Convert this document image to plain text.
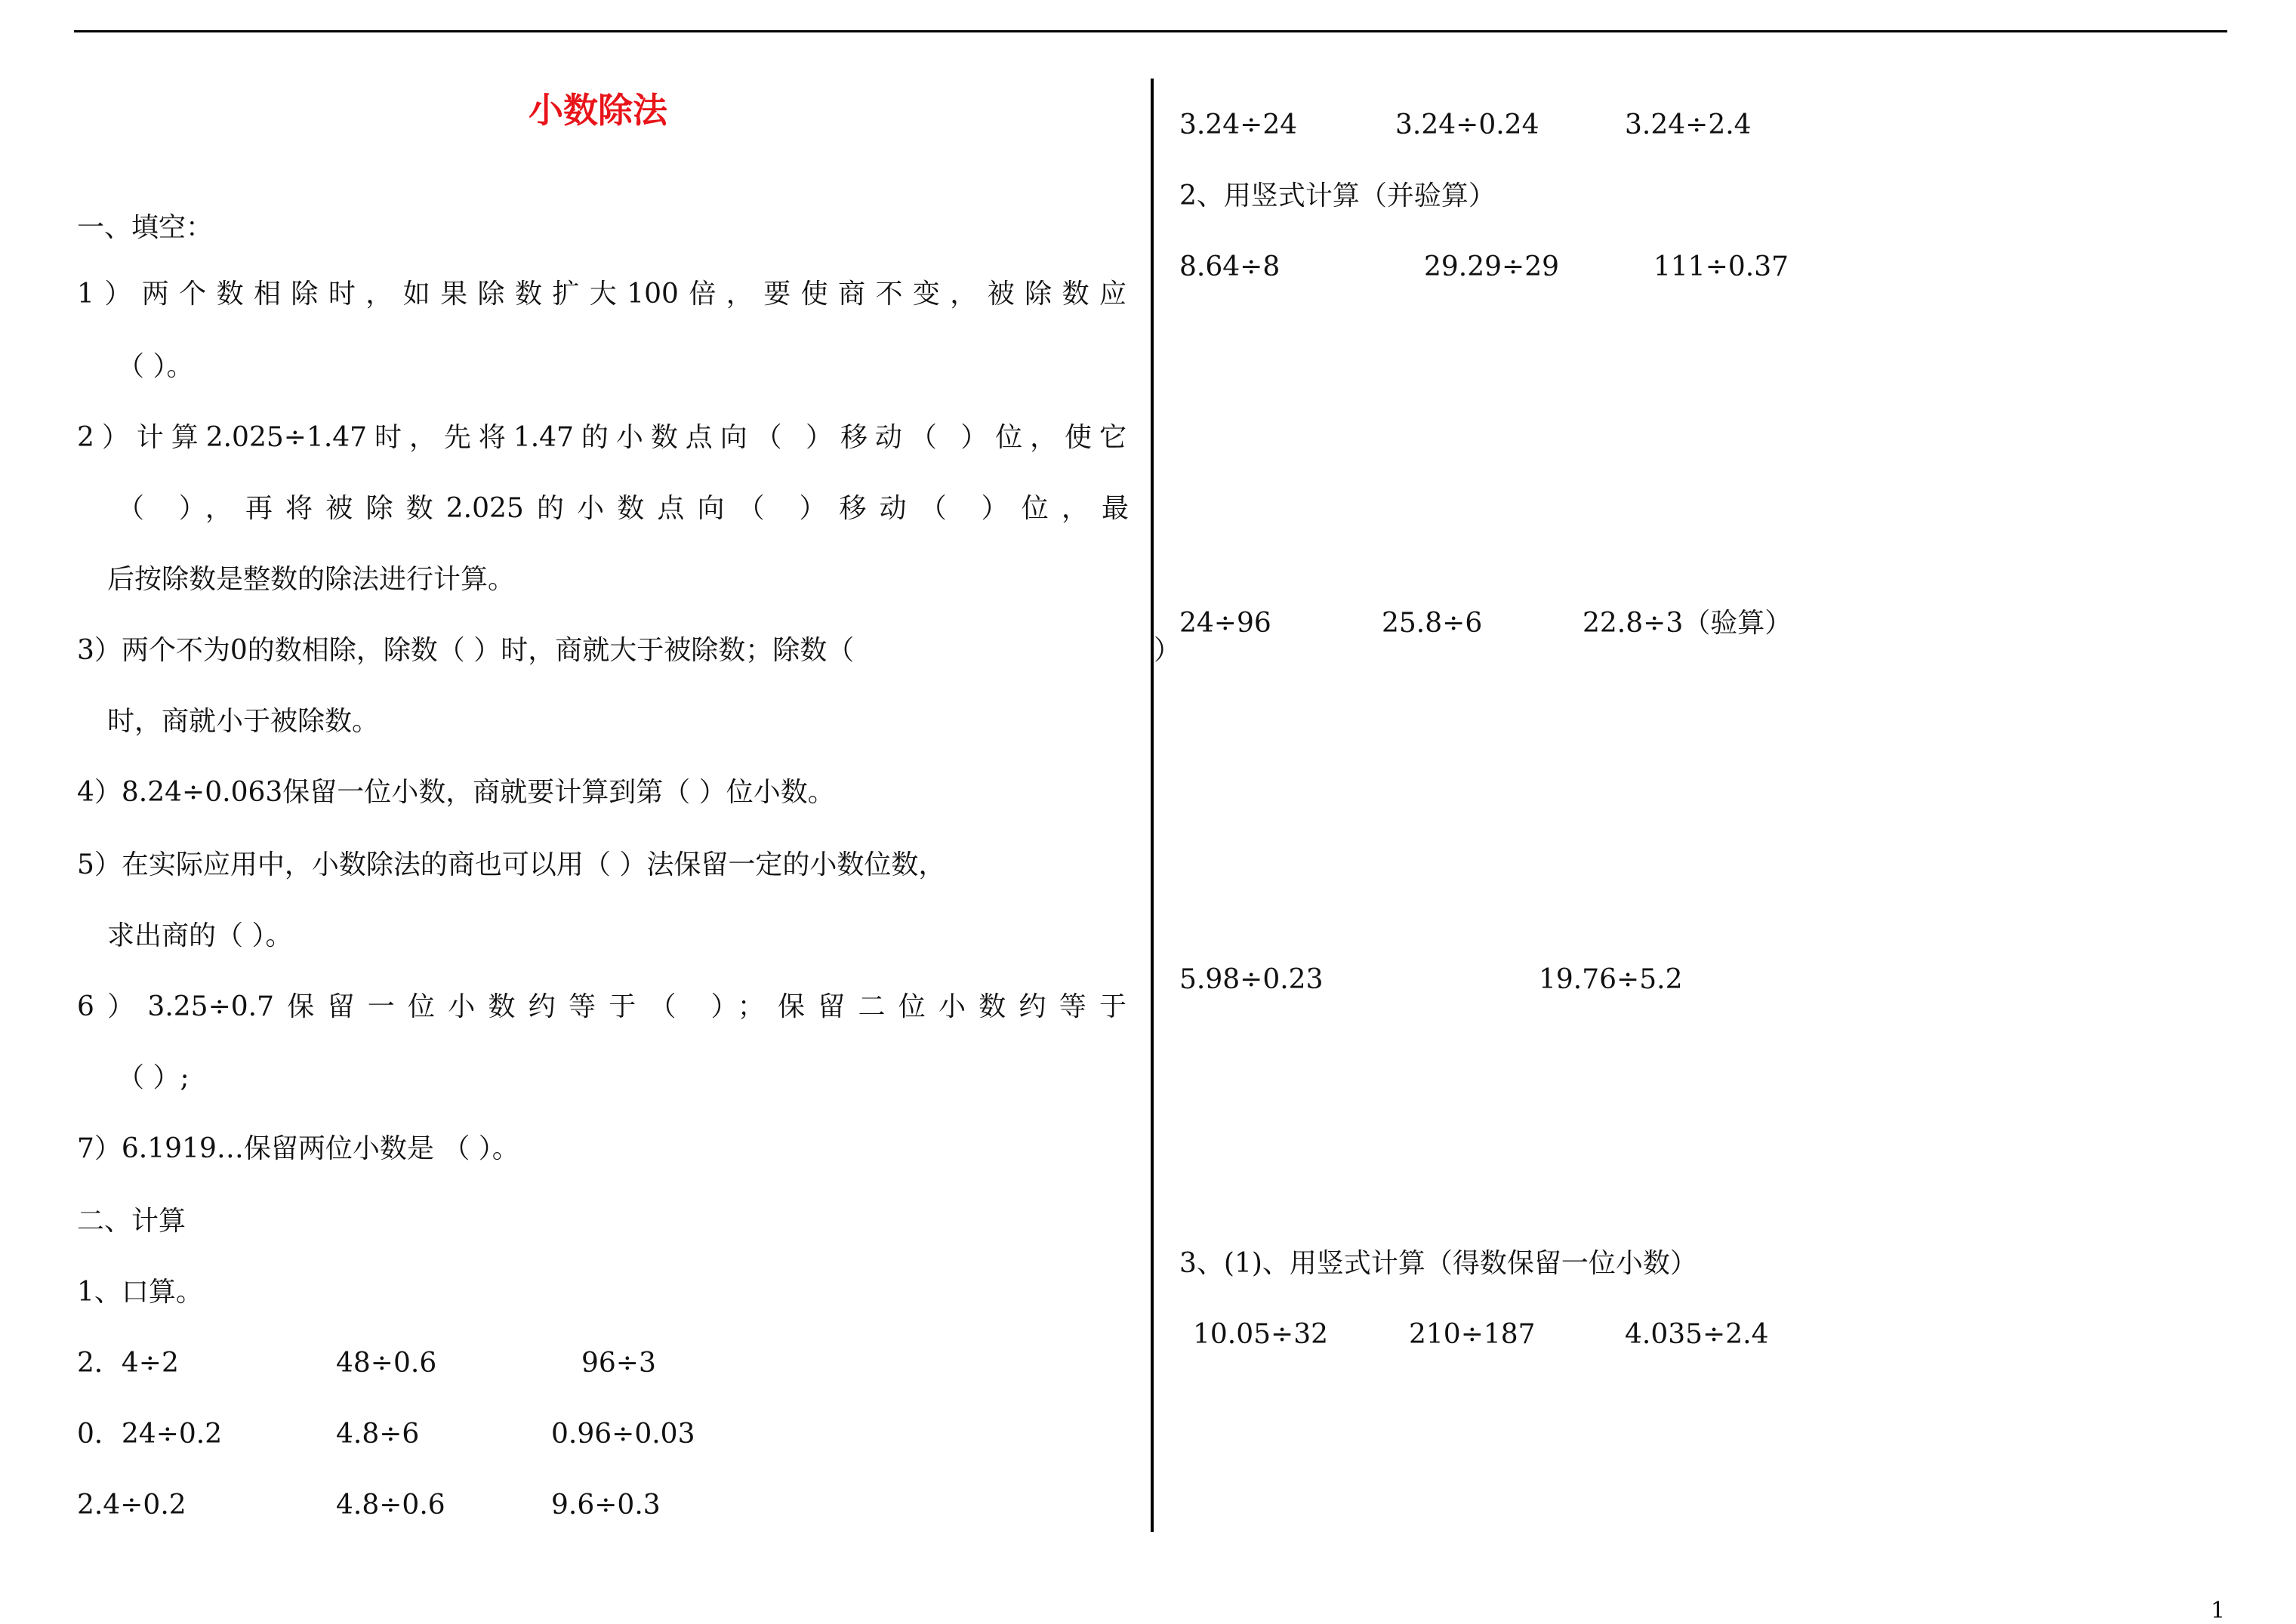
小数除法
一、填空：
1）两个数相除时，如果除数扩大100倍，要使商不变，被除数应
（ ）。
2）计算2.025÷1.47时，先将1.47的小数点向（ ）移动（ ）位，使它
（ ），再将被除数2.025的小数点向（ ）移动（ ）位，最
后按除数是整数的除法进行计算。
3）两个不为0的数相除，除数（ ）时，商就大于被除数；除数（
时，商就小于被除数。
4）8.24÷0.063保留一位小数，商就要计算到第（ ）位小数。
5）在实际应用中，小数除法的商也可以用（ ）法保留一定的小数位数，
求出商的（ ）。
6）3.25÷0.7保留一位小数约等于（ ）；保留二位小数约等于
（ ）;
7）6.1919…保留两位小数是 （ ）。
二、计算
1、口算。
2．4÷2	48÷0.6	96÷3
0．24÷0.2	4.8÷6	0.96÷0.03
2.4÷0.2	4.8÷0.6	9.6÷0.3
）
3.24÷24	3.24÷0.24	3.24÷2.4
2、用竖式计算（并验算）
8.64÷8	29.29÷29	111÷0.37
24÷96	25.8÷6	22.8÷3（验算）
5.98÷0.23	19.76÷5.2
3、(1)、用竖式计算（得数保留一位小数）
10.05÷32	210÷187	4.035÷2.4
1
